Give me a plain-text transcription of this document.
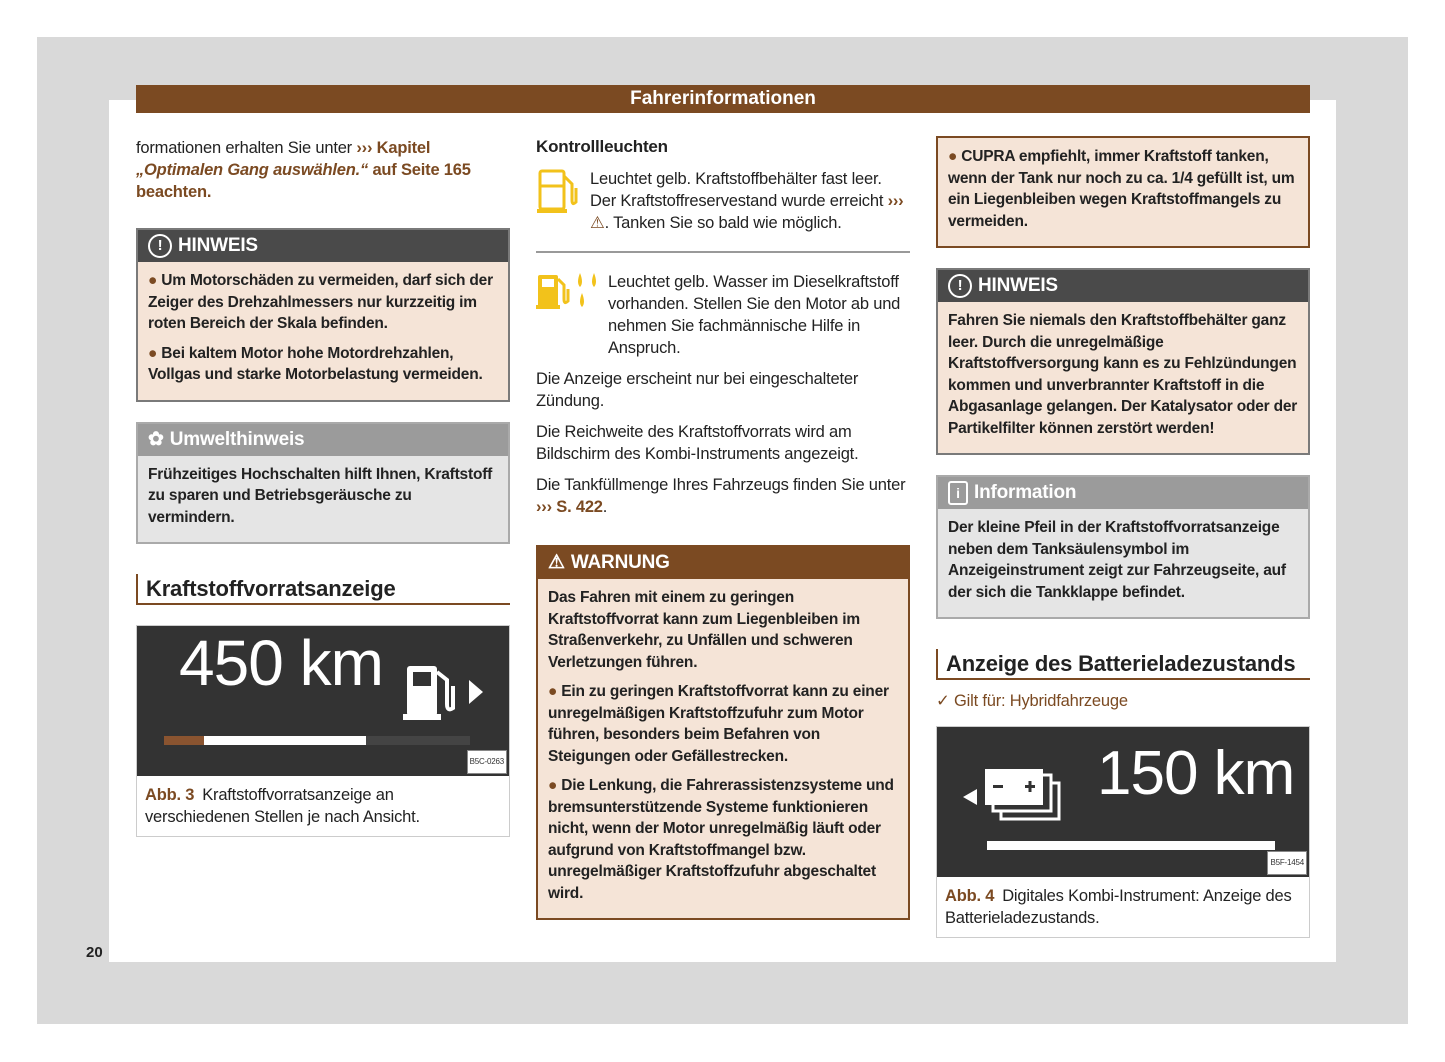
Fahrerinformationen

formationen erhalten Sie unter ››› Kapitel „Optimalen Gang auswählen.“ auf Seite 165 beachten.

! HINWEIS

● Um Motorschäden zu vermeiden, darf sich der Zeiger des Drehzahlmessers nur kurzzeitig im roten Bereich der Skala befinden.

● Bei kaltem Motor hohe Motordrehzahlen, Vollgas und starke Motorbelastung vermeiden.

✿ Umwelthinweis

Frühzeitiges Hochschalten hilft Ihnen, Kraftstoff zu sparen und Betriebsgeräusche zu vermindern.

Kraftstoffvorratsanzeige
450 km
B5C-0263
Abb. 3 Kraftstoffvorratsanzeige an verschiedenen Stellen je nach Ansicht.
Kontrollleuchten

Leuchtet gelb. Kraftstoffbehälter fast leer. Der Kraftstoffreservestand wurde erreicht ››› ⚠. Tanken Sie so bald wie möglich.

Leuchtet gelb. Wasser im Dieselkraftstoff vorhanden. Stellen Sie den Motor ab und nehmen Sie fachmännische Hilfe in Anspruch.

Die Anzeige erscheint nur bei eingeschalteter Zündung.

Die Reichweite des Kraftstoffvorrats wird am Bildschirm des Kombi-Instruments angezeigt.

Die Tankfüllmenge Ihres Fahrzeugs finden Sie unter ››› S. 422.

⚠ WARNUNG

Das Fahren mit einem zu geringen Kraftstoffvorrat kann zum Liegenbleiben im Straßenverkehr, zu Unfällen und schweren Verletzungen führen.

● Ein zu geringen Kraftstoffvorrat kann zu einer unregelmäßigen Kraftstoffzufuhr zum Motor führen, besonders beim Befahren von Steigungen oder Gefällestrecken.

● Die Lenkung, die Fahrerassistenzsysteme und bremsunterstützende Systeme funktionieren nicht, wenn der Motor unregelmäßig läuft oder aufgrund von Kraftstoffmangel bzw. unregelmäßiger Kraftstoffzufuhr abgeschaltet wird.

● CUPRA empfiehlt, immer Kraftstoff tanken, wenn der Tank nur noch zu ca. 1/4 gefüllt ist, um ein Liegenbleiben wegen Kraftstoffmangels zu vermeiden.

! HINWEIS

Fahren Sie niemals den Kraftstoffbehälter ganz leer. Durch die unregelmäßige Kraftstoffversorgung kann es zu Fehlzündungen kommen und unverbrannter Kraftstoff in die Abgasanlage gelangen. Der Katalysator oder der Partikelfilter können zerstört werden!

i Information

Der kleine Pfeil in der Kraftstoffvorratsanzeige neben dem Tanksäulensymbol im Anzeigeinstrument zeigt zur Fahrzeugseite, auf der sich die Tankklappe befindet.

Anzeige des Batterieladezustands
✓ Gilt für: Hybridfahrzeuge
150 km
B5F-1454
Abb. 4 Digitales Kombi-Instrument: Anzeige des Batterieladezustands.
20
